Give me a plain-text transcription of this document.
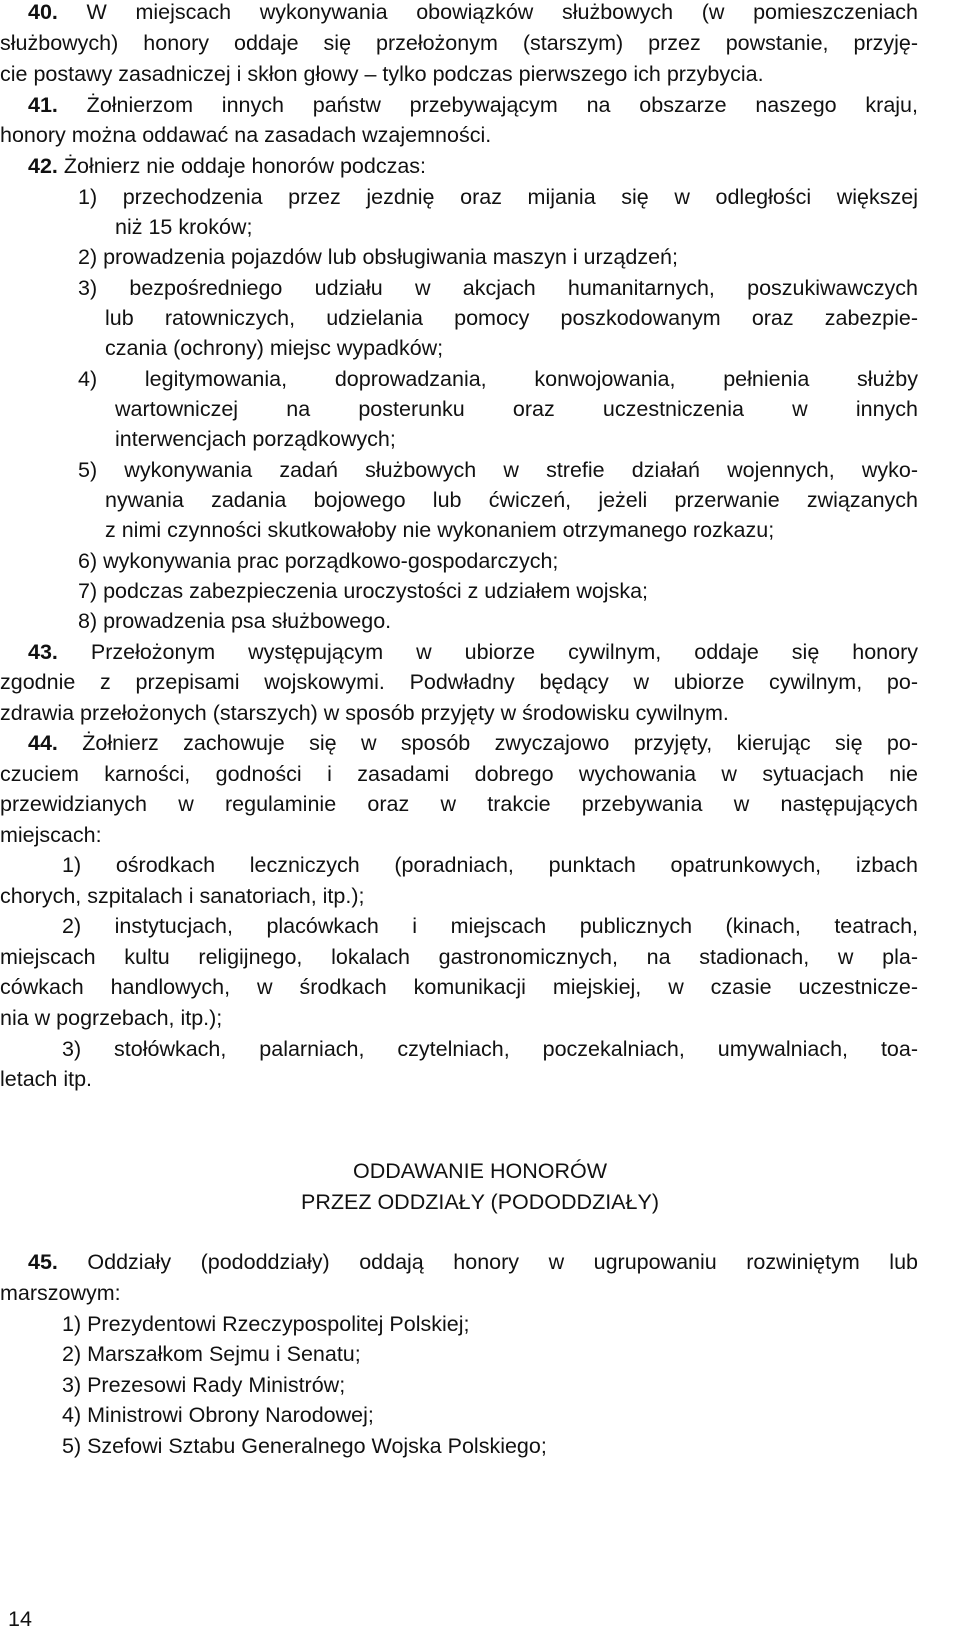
40. W miejscach wykonywania obowiązków służbowych (w pomieszczeniach
służbowych) honory oddaje się przełożonym (starszym) przez powstanie, przyję-
cie postawy zasadniczej i skłon głowy – tylko podczas pierwszego ich przybycia.
41. Żołnierzom innych państw przebywającym na obszarze naszego kraju,
honory można oddawać na zasadach wzajemności.
42. Żołnierz nie oddaje honorów podczas:
1) przechodzenia przez jezdnię oraz mijania się w odległości większej
niż 15 kroków;
2) prowadzenia pojazdów lub obsługiwania maszyn i urządzeń;
3) bezpośredniego udziału w akcjach humanitarnych, poszukiwawczych
lub ratowniczych, udzielania pomocy poszkodowanym oraz zabezpie-
czania (ochrony) miejsc wypadków;
4) legitymowania, doprowadzania, konwojowania, pełnienia służby
wartowniczej na posterunku oraz uczestniczenia w innych
interwencjach porządkowych;
5) wykonywania zadań służbowych w strefie działań wojennych, wyko-
nywania zadania bojowego lub ćwiczeń, jeżeli przerwanie związanych
z nimi czynności skutkowałoby nie wykonaniem otrzymanego rozkazu;
6) wykonywania prac porządkowo-gospodarczych;
7) podczas zabezpieczenia uroczystości z udziałem wojska;
8) prowadzenia psa służbowego.
43. Przełożonym występującym w ubiorze cywilnym, oddaje się honory
zgodnie z przepisami wojskowymi. Podwładny będący w ubiorze cywilnym, po-
zdrawia przełożonych (starszych) w sposób przyjęty w środowisku cywilnym.
44. Żołnierz zachowuje się w sposób zwyczajowo przyjęty, kierując się po-
czuciem karności, godności i zasadami dobrego wychowania w sytuacjach nie
przewidzianych w regulaminie oraz w trakcie przebywania w następujących
miejscach:
1) ośrodkach leczniczych (poradniach, punktach opatrunkowych, izbach
chorych, szpitalach i sanatoriach, itp.);
2) instytucjach, placówkach i miejscach publicznych (kinach, teatrach,
miejscach kultu religijnego, lokalach gastronomicznych, na stadionach, w pla-
cówkach handlowych, w środkach komunikacji miejskiej, w czasie uczestnicze-
nia w pogrzebach, itp.);
3) stołówkach, palarniach, czytelniach, poczekalniach, umywalniach, toa-
letach itp.
ODDAWANIE HONORÓW
PRZEZ ODDZIAŁY (PODODDZIAŁY)
45. Oddziały (pododdziały) oddają honory w ugrupowaniu rozwiniętym lub
marszowym:
1) Prezydentowi Rzeczypospolitej Polskiej;
2) Marszałkom Sejmu i Senatu;
3) Prezesowi Rady Ministrów;
4) Ministrowi Obrony Narodowej;
5) Szefowi Sztabu Generalnego Wojska Polskiego;
14
